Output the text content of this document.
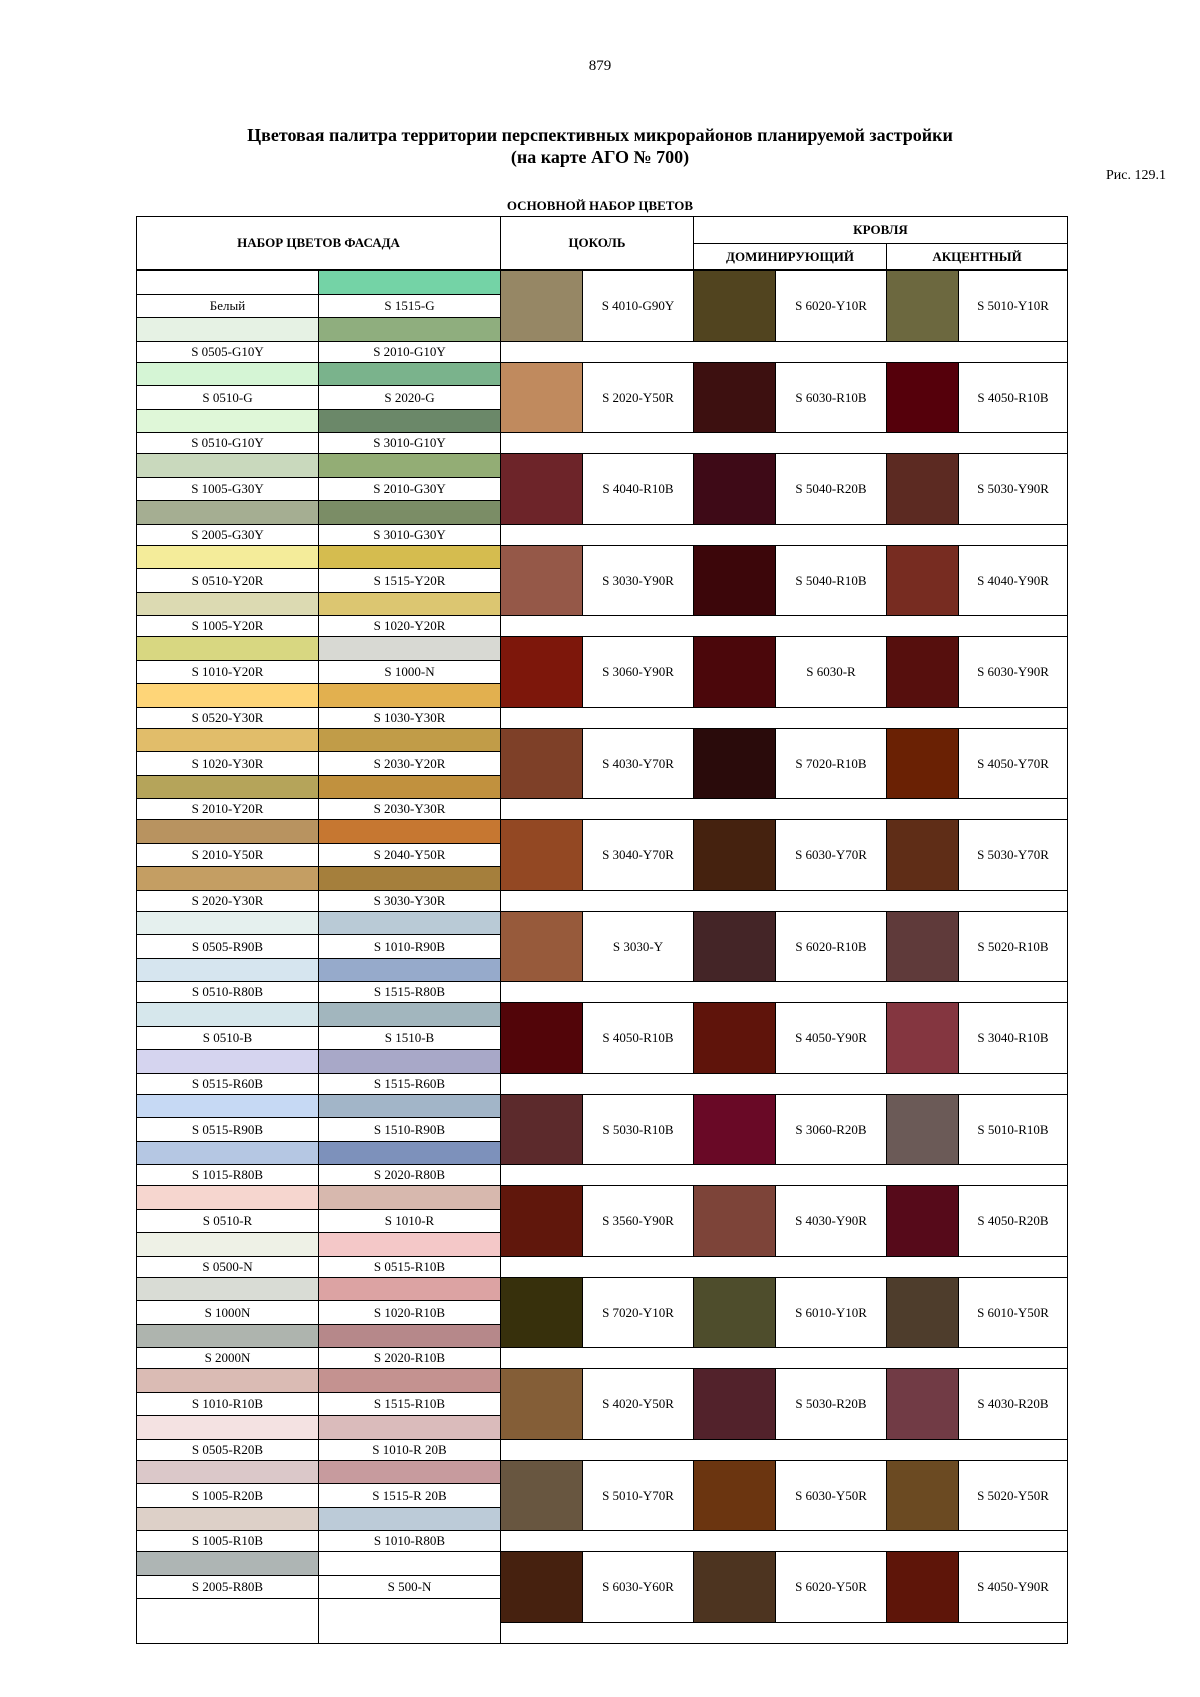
879
Цветовая палитра территории перспективных микрорайонов планируемой застройки
(на карте АГО № 700)
Рис. 129.1
ОСНОВНОЙ НАБОР ЦВЕТОВ
НАБОР ЦВЕТОВ ФАСАДА	ЦОКОЛЬ
КРОВЛЯ
ДОМИНИРУЮЩИЙ	АКЦЕНТНЫЙ
Белый	S 1515-G
S 0505-G10Y	S 2010-G10Y
S 4010-G90Y	S 6020-Y10R	S 5010-Y10R
S 0510-G	S 2020-G
S 0510-G10Y	S 3010-G10Y
S 2020-Y50R	S 6030-R10B	S 4050-R10B
S 1005-G30Y	S 2010-G30Y
S 2005-G30Y	S 3010-G30Y
S 4040-R10B	S 5040-R20B	S 5030-Y90R
S 0510-Y20R	S 1515-Y20R
S 1005-Y20R	S 1020-Y20R
S 3030-Y90R	S 5040-R10B	S 4040-Y90R
S 1010-Y20R	S 1000-N
S 0520-Y30R	S 1030-Y30R
S 3060-Y90R	S 6030-R	S 6030-Y90R
S 1020-Y30R	S 2030-Y20R
S 2010-Y20R	S 2030-Y30R
S 4030-Y70R	S 7020-R10B	S 4050-Y70R
S 2010-Y50R	S 2040-Y50R
S 2020-Y30R	S 3030-Y30R
S 3040-Y70R	S 6030-Y70R	S 5030-Y70R
S 0505-R90B	S 1010-R90B
S 0510-R80B	S 1515-R80B
S 3030-Y	S 6020-R10B	S 5020-R10B
S 0510-B	S 1510-B
S 0515-R60B	S 1515-R60B
S 4050-R10B	S 4050-Y90R	S 3040-R10B
S 0515-R90B	S 1510-R90B
S 1015-R80B	S 2020-R80B
S 5030-R10B	S 3060-R20B	S 5010-R10B
S 0510-R	S 1010-R
S 0500-N	S 0515-R10B
S 3560-Y90R	S 4030-Y90R	S 4050-R20B
S 1000N	S 1020-R10B
S 2000N	S 2020-R10B
S 7020-Y10R	S 6010-Y10R	S 6010-Y50R
S 1010-R10B	S 1515-R10B
S 0505-R20B	S 1010-R 20B
S 4020-Y50R	S 5030-R20B	S 4030-R20B
S 1005-R20B	S 1515-R 20B
S 1005-R10B	S 1010-R80B
S 5010-Y70R	S 6030-Y50R	S 5020-Y50R
S 2005-R80B	S 500-N	S 6030-Y60R	S 6020-Y50R	S 4050-Y90R
